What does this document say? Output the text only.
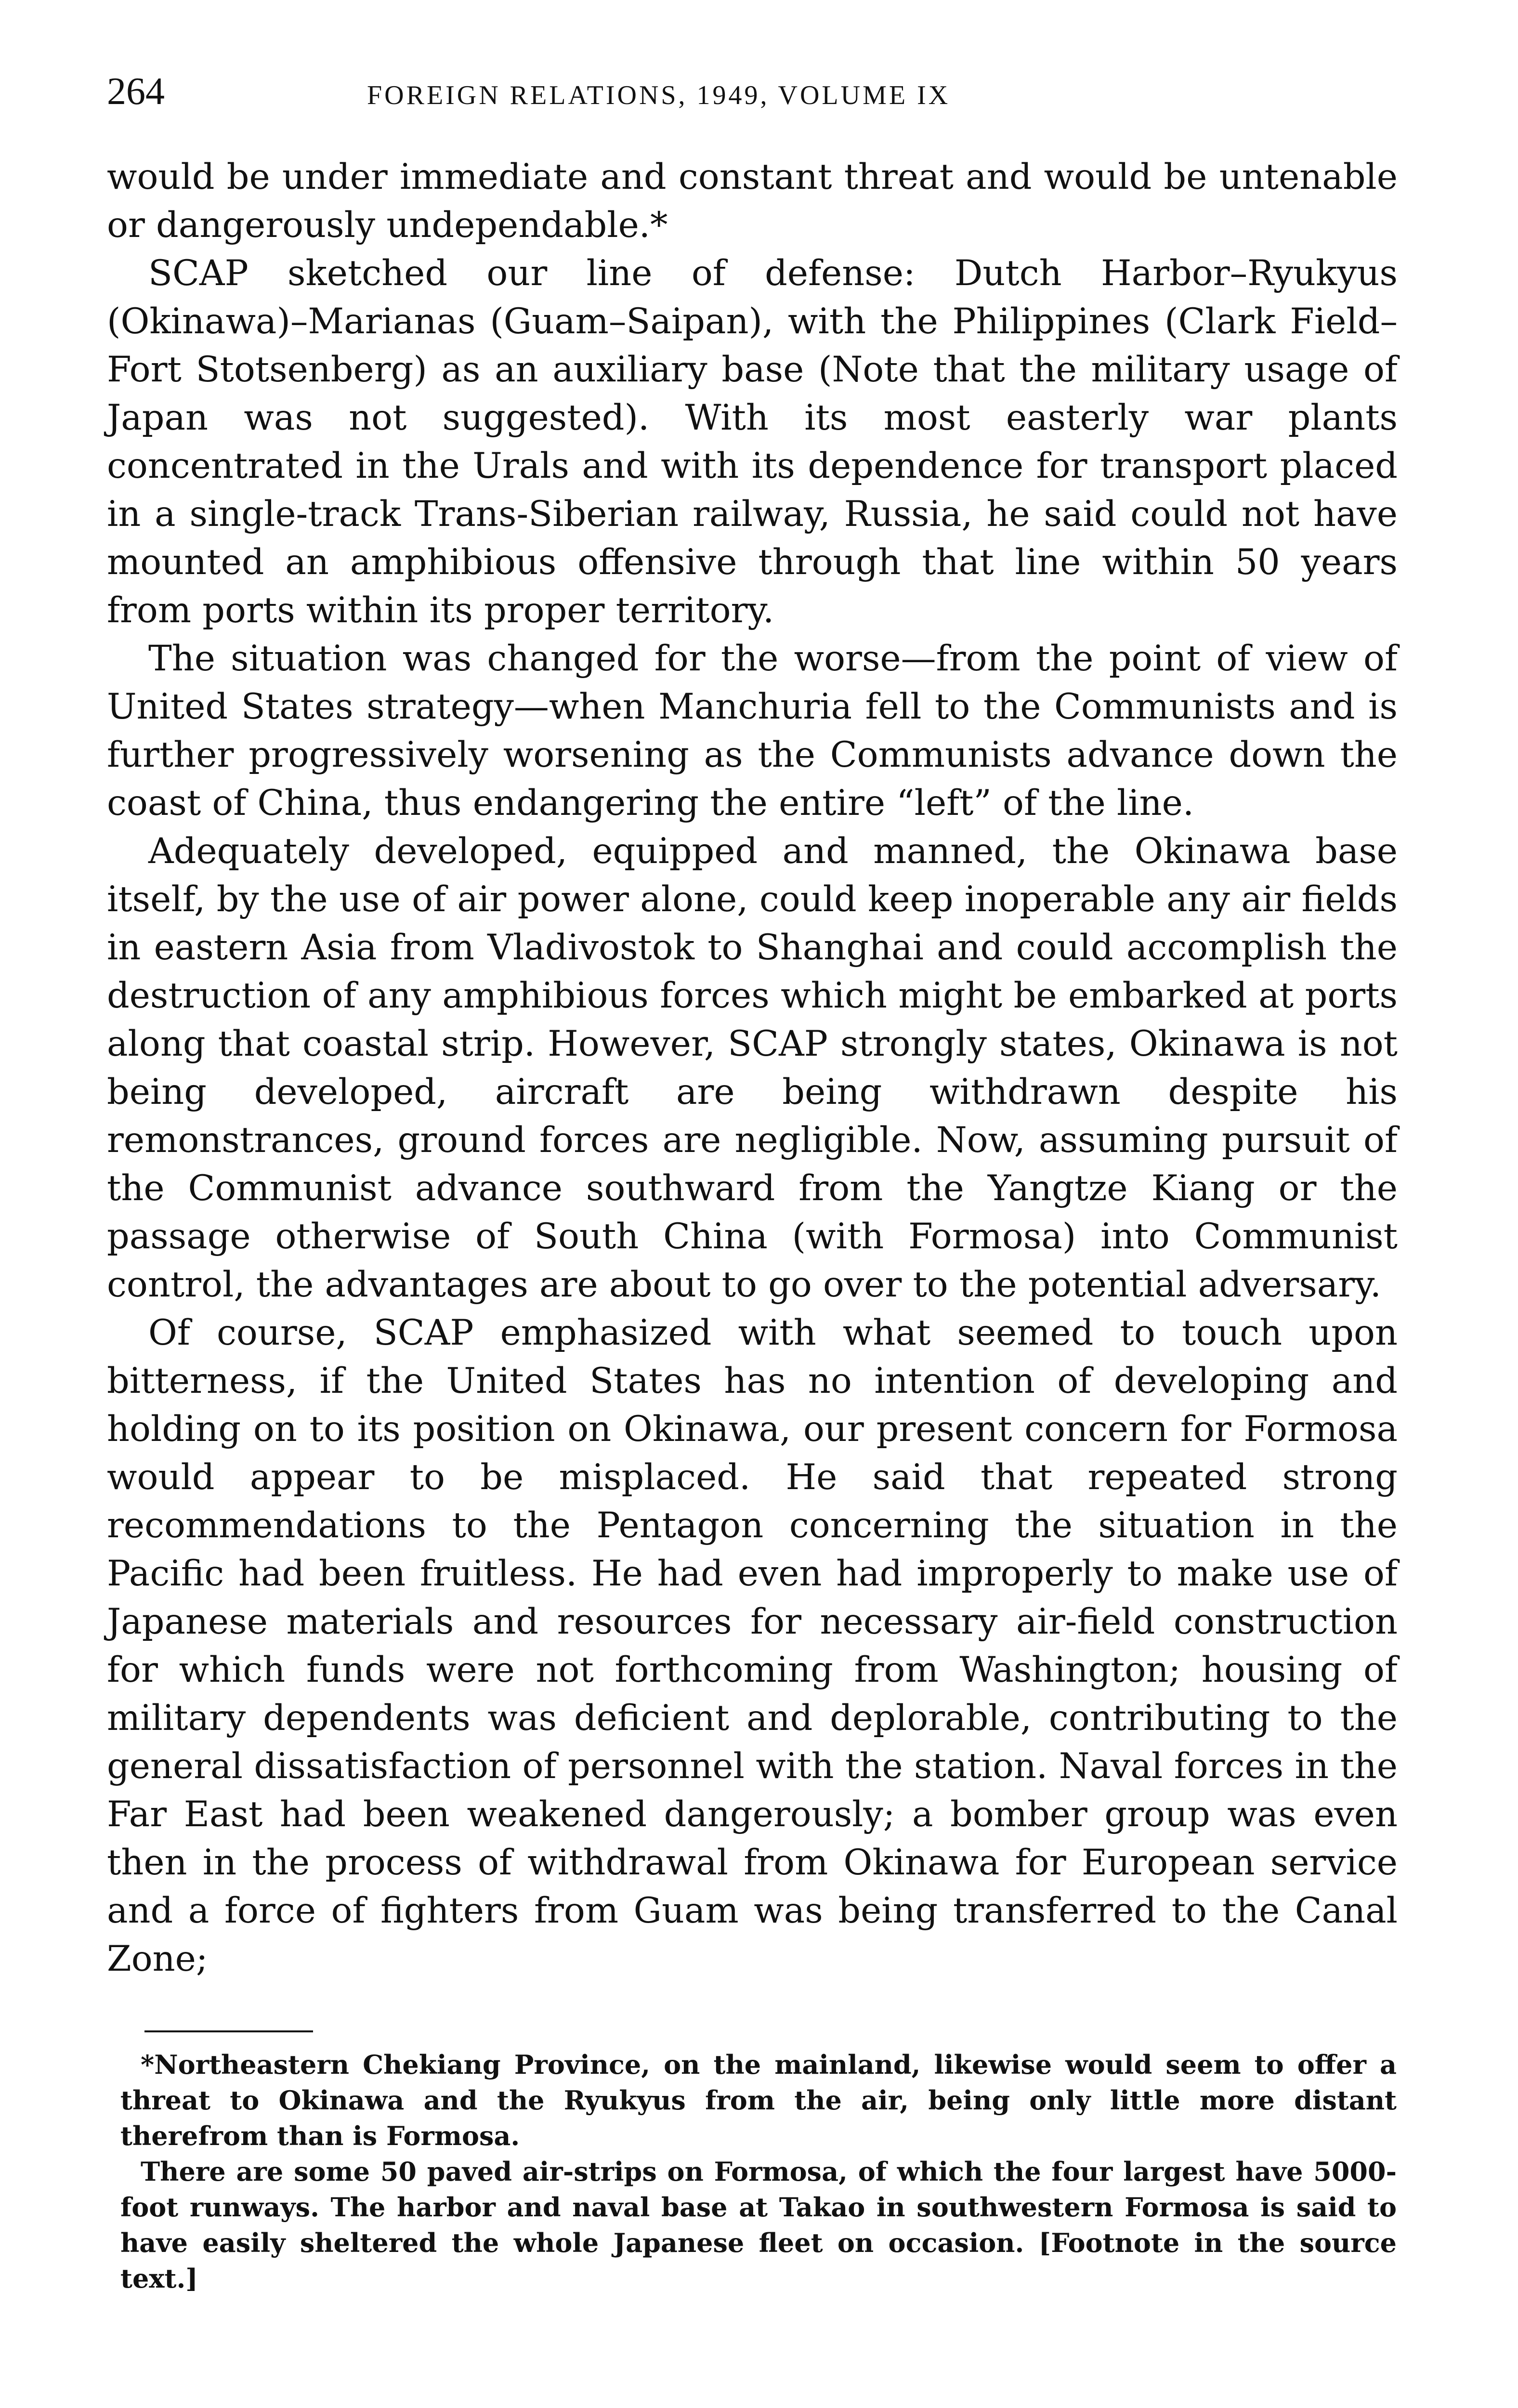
264	FOREIGN RELATIONS, 1949, VOLUME IX

would be under immediate and constant threat and would be untenable or dangerously undependable.*

SCAP sketched our line of defense: Dutch Harbor–Ryukyus (Okinawa)–Marianas (Guam–Saipan), with the Philippines (Clark Field–Fort Stotsenberg) as an auxiliary base (Note that the military usage of Japan was not suggested). With its most easterly war plants concentrated in the Urals and with its dependence for transport placed in a single-track Trans-Siberian railway, Russia, he said could not have mounted an amphibious offensive through that line within 50 years from ports within its proper territory.

The situation was changed for the worse—from the point of view of United States strategy—when Manchuria fell to the Communists and is further progressively worsening as the Communists advance down the coast of China, thus endangering the entire “left” of the line.

Adequately developed, equipped and manned, the Okinawa base itself, by the use of air power alone, could keep inoperable any air fields in eastern Asia from Vladivostok to Shanghai and could accomplish the destruction of any amphibious forces which might be embarked at ports along that coastal strip. However, SCAP strongly states, Okinawa is not being developed, aircraft are being withdrawn despite his remonstrances, ground forces are negligible. Now, assuming pursuit of the Communist advance southward from the Yangtze Kiang or the passage otherwise of South China (with Formosa) into Communist control, the advantages are about to go over to the potential adversary.

Of course, SCAP emphasized with what seemed to touch upon bitterness, if the United States has no intention of developing and holding on to its position on Okinawa, our present concern for Formosa would appear to be misplaced. He said that repeated strong recommendations to the Pentagon concerning the situation in the Pacific had been fruitless. He had even had improperly to make use of Japanese materials and resources for necessary air-field construction for which funds were not forthcoming from Washington; housing of military dependents was deficient and deplorable, contributing to the general dissatisfaction of personnel with the station. Naval forces in the Far East had been weakened dangerously; a bomber group was even then in the process of withdrawal from Okinawa for European service and a force of fighters from Guam was being transferred to the Canal Zone;

*Northeastern Chekiang Province, on the mainland, likewise would seem to offer a threat to Okinawa and the Ryukyus from the air, being only little more distant therefrom than is Formosa.

There are some 50 paved air-strips on Formosa, of which the four largest have 5000-foot runways. The harbor and naval base at Takao in southwestern Formosa is said to have easily sheltered the whole Japanese fleet on occasion. [Footnote in the source text.]
